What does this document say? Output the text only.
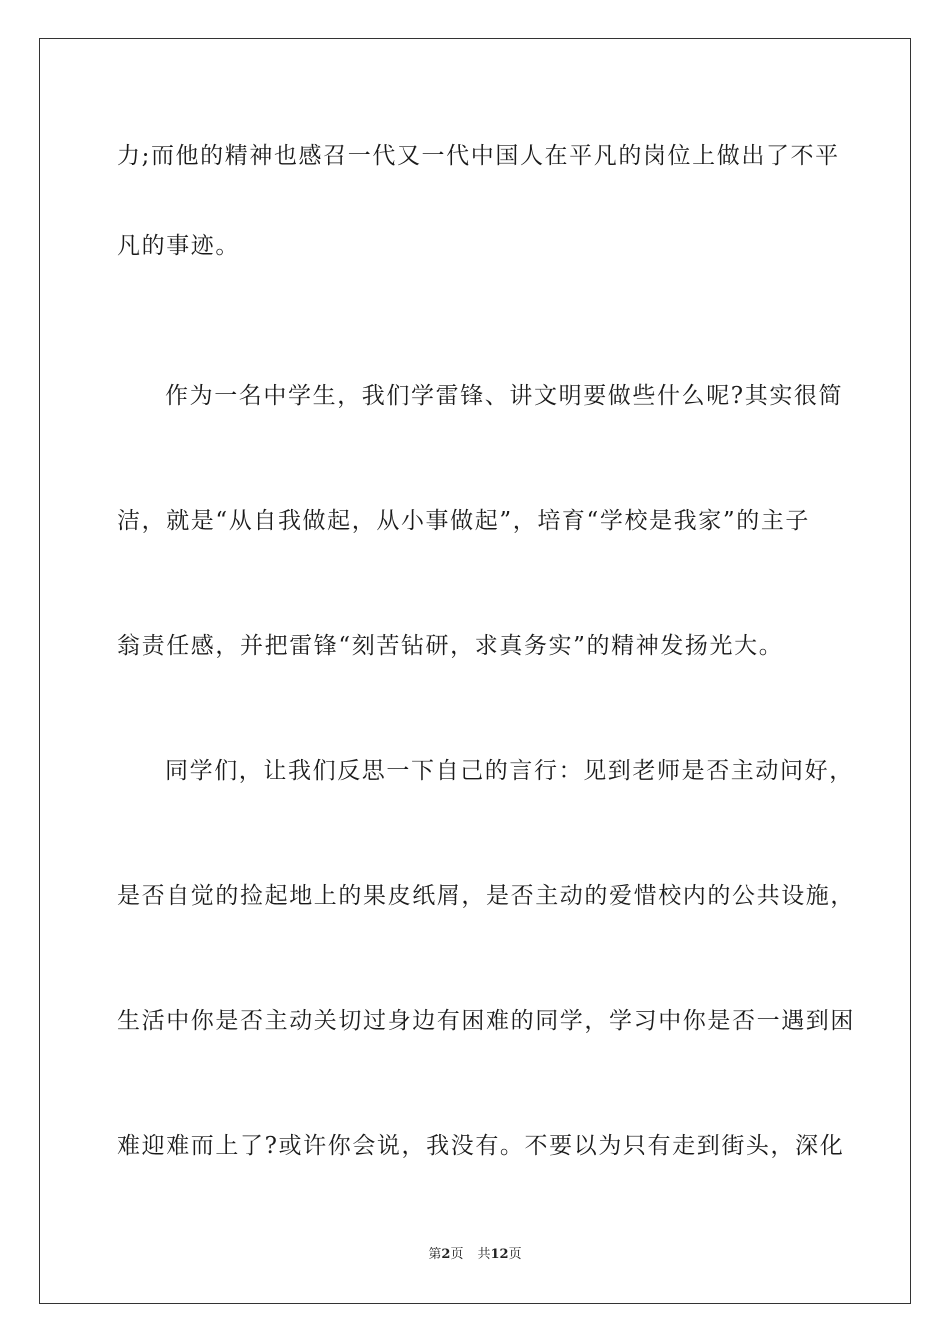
力;而他的精神也感召一代又一代中国人在平凡的岗位上做出了不平
凡的事迹。
作为一名中学生，我们学雷锋、讲文明要做些什么呢?其实很简
洁，就是“从自我做起，从小事做起”，培育“学校是我家”的主子
翁责任感，并把雷锋“刻苦钻研，求真务实”的精神发扬光大。
同学们，让我们反思一下自己的言行：见到老师是否主动问好，
是否自觉的捡起地上的果皮纸屑，是否主动的爱惜校内的公共设施，
生活中你是否主动关切过身边有困难的同学，学习中你是否一遇到困
难迎难而上了?或许你会说，我没有。不要以为只有走到街头，深化
第2页 共12页
